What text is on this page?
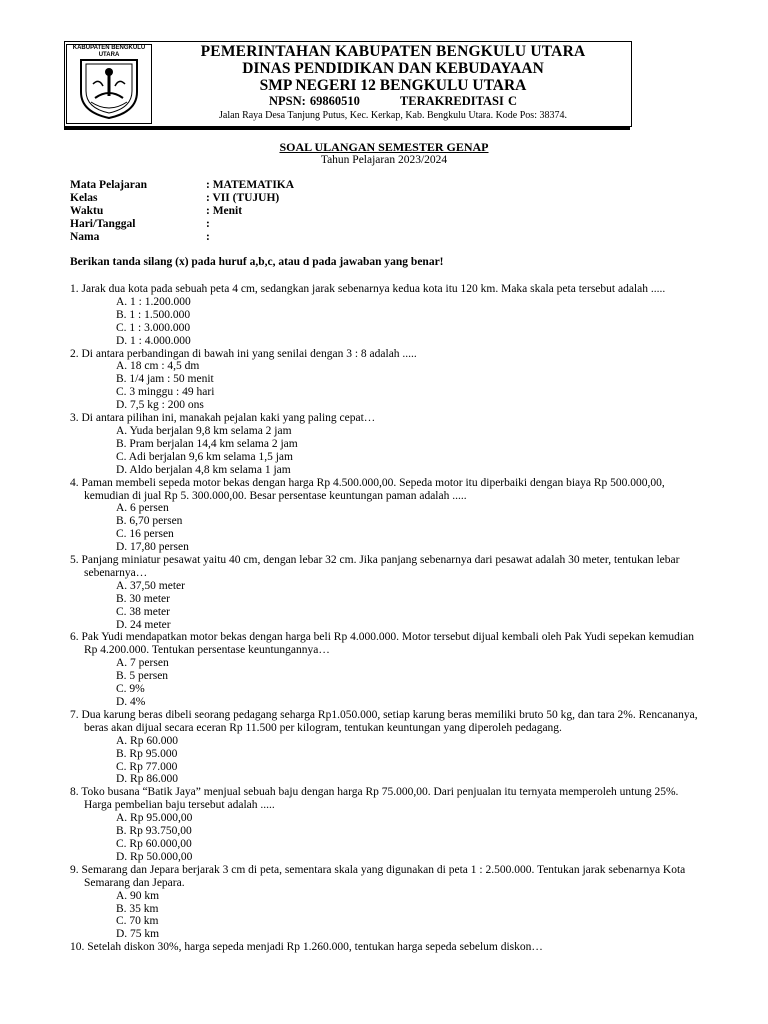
KABUPATEN BENGKULU UTARA	PEMERINTAHAN KABUPATEN BENGKULU UTARA
DINAS PENDIDIKAN DAN KEBUDAYAAN
SMP NEGERI 12 BENGKULU UTARA
NPSN: 69860510	TERAKREDITASI C
Jalan Raya Desa Tanjung Putus, Kec. Kerkap, Kab. Bengkulu Utara. Kode Pos: 38374.
SOAL ULANGAN SEMESTER GENAP
Tahun Pelajaran 2023/2024
Mata Pelajaran	: MATEMATIKA
Kelas	: VII (TUJUH)
Waktu	: Menit
Hari/Tanggal	:
Nama	:
Berikan tanda silang (x) pada huruf a,b,c, atau d pada jawaban yang benar!
1. Jarak dua kota pada sebuah peta 4 cm, sedangkan jarak sebenarnya kedua kota itu 120 km. Maka skala peta tersebut adalah .....
A. 1 : 1.200.000
B. 1 : 1.500.000
C. 1 : 3.000.000
D. 1 : 4.000.000
2. Di antara perbandingan di bawah ini yang senilai dengan 3 : 8 adalah .....
A. 18 cm : 4,5 dm
B. 1/4 jam : 50 menit
C. 3 minggu : 49 hari
D. 7,5 kg : 200 ons
3. Di antara pilihan ini, manakah pejalan kaki yang paling cepat…
A. Yuda berjalan 9,8 km selama 2 jam
B. Pram berjalan 14,4 km selama 2 jam
C. Adi berjalan 9,6 km selama 1,5 jam
D. Aldo berjalan 4,8 km selama 1 jam
4. Paman membeli sepeda motor bekas dengan harga Rp 4.500.000,00. Sepeda motor itu diperbaiki dengan biaya Rp 500.000,00, kemudian di jual Rp 5. 300.000,00. Besar persentase keuntungan paman adalah .....
A. 6 persen
B. 6,70 persen
C. 16 persen
D. 17,80 persen
5. Panjang miniatur pesawat yaitu 40 cm, dengan lebar 32 cm. Jika panjang sebenarnya dari pesawat adalah 30 meter, tentukan lebar sebenarnya…
A. 37,50 meter
B. 30 meter
C. 38 meter
D. 24 meter
6. Pak Yudi mendapatkan motor bekas dengan harga beli Rp 4.000.000. Motor tersebut dijual kembali oleh Pak Yudi sepekan kemudian Rp 4.200.000. Tentukan persentase keuntungannya…
A. 7 persen
B. 5 persen
C. 9%
D. 4%
7. Dua karung beras dibeli seorang pedagang seharga Rp1.050.000, setiap karung beras memiliki bruto 50 kg, dan tara 2%. Rencananya, beras akan dijual secara eceran Rp 11.500 per kilogram, tentukan keuntungan yang diperoleh pedagang.
A. Rp 60.000
B. Rp 95.000
C. Rp 77.000
D. Rp 86.000
8. Toko busana “Batik Jaya” menjual sebuah baju dengan harga Rp 75.000,00. Dari penjualan itu ternyata memperoleh untung 25%. Harga pembelian baju tersebut adalah .....
A. Rp 95.000,00
B. Rp 93.750,00
C. Rp 60.000,00
D. Rp 50.000,00
9. Semarang dan Jepara berjarak 3 cm di peta, sementara skala yang digunakan di peta 1 : 2.500.000. Tentukan jarak sebenarnya Kota Semarang dan Jepara.
A. 90 km
B. 35 km
C. 70 km
D. 75 km
10. Setelah diskon 30%, harga sepeda menjadi Rp 1.260.000, tentukan harga sepeda sebelum diskon…
